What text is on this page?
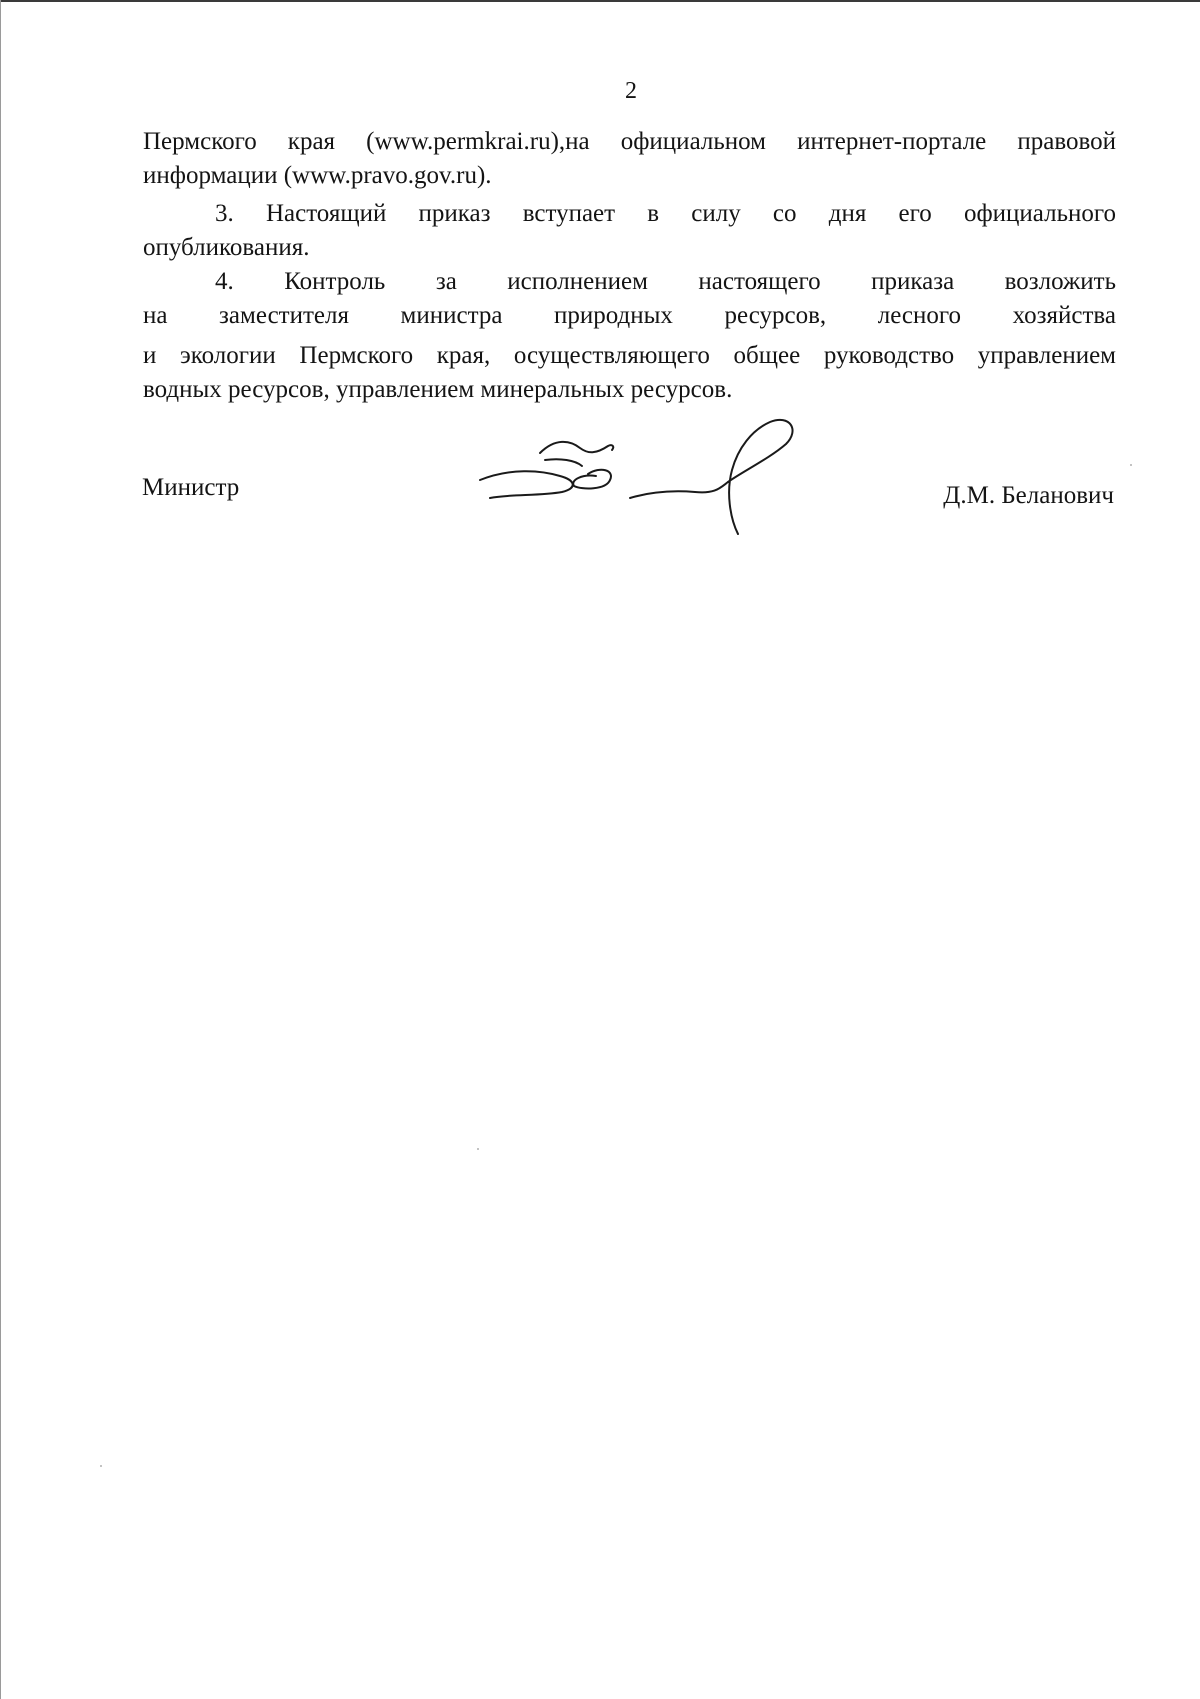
2

Пермского края (www.permkrai.ru),на официальном интернет-портале правовой

информации (www.pravo.gov.ru).

3. Настоящий приказ вступает в силу со дня его официального

опубликования.

4. Контроль за исполнением настоящего приказа возложить

на заместителя министра природных ресурсов, лесного хозяйства

и экологии Пермского края, осуществляющего общее руководство управлением

водных ресурсов, управлением минеральных ресурсов.

Министр	Д.М. Беланович
